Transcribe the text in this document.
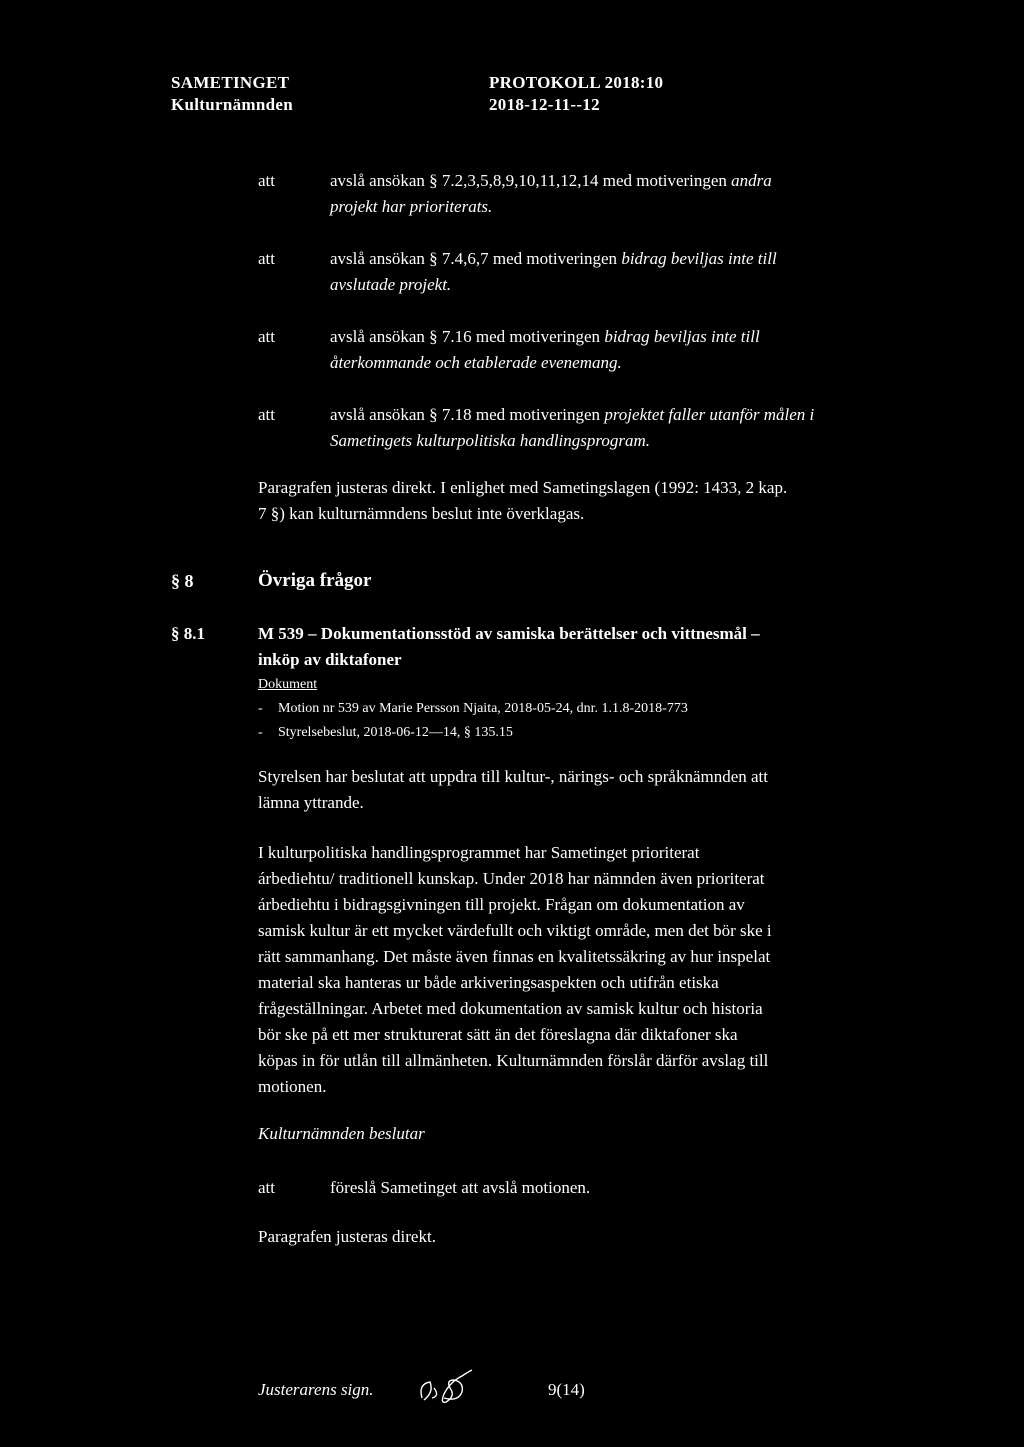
SAMETINGET
Kulturnämnden
PROTOKOLL 2018:10
2018-12-11--12
att	avslå ansökan § 7.2,3,5,8,9,10,11,12,14 med motiveringen andra
projekt har prioriterats.
att	avslå ansökan § 7.4,6,7 med motiveringen bidrag beviljas inte till
avslutade projekt.
att	avslå ansökan § 7.16 med motiveringen bidrag beviljas inte till
återkommande och etablerade evenemang.
att	avslå ansökan § 7.18 med motiveringen projektet faller utanför målen i
Sametingets kulturpolitiska handlingsprogram.
Paragrafen justeras direkt. I enlighet med Sametingslagen (1992: 1433, 2 kap.
7 §) kan kulturnämndens beslut inte överklagas.
§ 8	Övriga frågor
§ 8.1	M 539 – Dokumentationsstöd av samiska berättelser och vittnesmål –
inköp av diktafoner
Dokument
-	Motion nr 539 av Marie Persson Njaita, 2018-05-24, dnr. 1.1.8-2018-773
-	Styrelsebeslut, 2018-06-12—14, § 135.15
Styrelsen har beslutat att uppdra till kultur-, närings- och språknämnden att
lämna yttrande.
I kulturpolitiska handlingsprogrammet har Sametinget prioriterat
árbediehtu/ traditionell kunskap. Under 2018 har nämnden även prioriterat
árbediehtu i bidragsgivningen till projekt. Frågan om dokumentation av
samisk kultur är ett mycket värdefullt och viktigt område, men det bör ske i
rätt sammanhang. Det måste även finnas en kvalitetssäkring av hur inspelat
material ska hanteras ur både arkiveringsaspekten och utifrån etiska
frågeställningar. Arbetet med dokumentation av samisk kultur och historia
bör ske på ett mer strukturerat sätt än det föreslagna där diktafoner ska
köpas in för utlån till allmänheten. Kulturnämnden förslår därför avslag till
motionen.
Kulturnämnden beslutar
att	föreslå Sametinget att avslå motionen.
Paragrafen justeras direkt.
Justerarens sign.	9(14)
